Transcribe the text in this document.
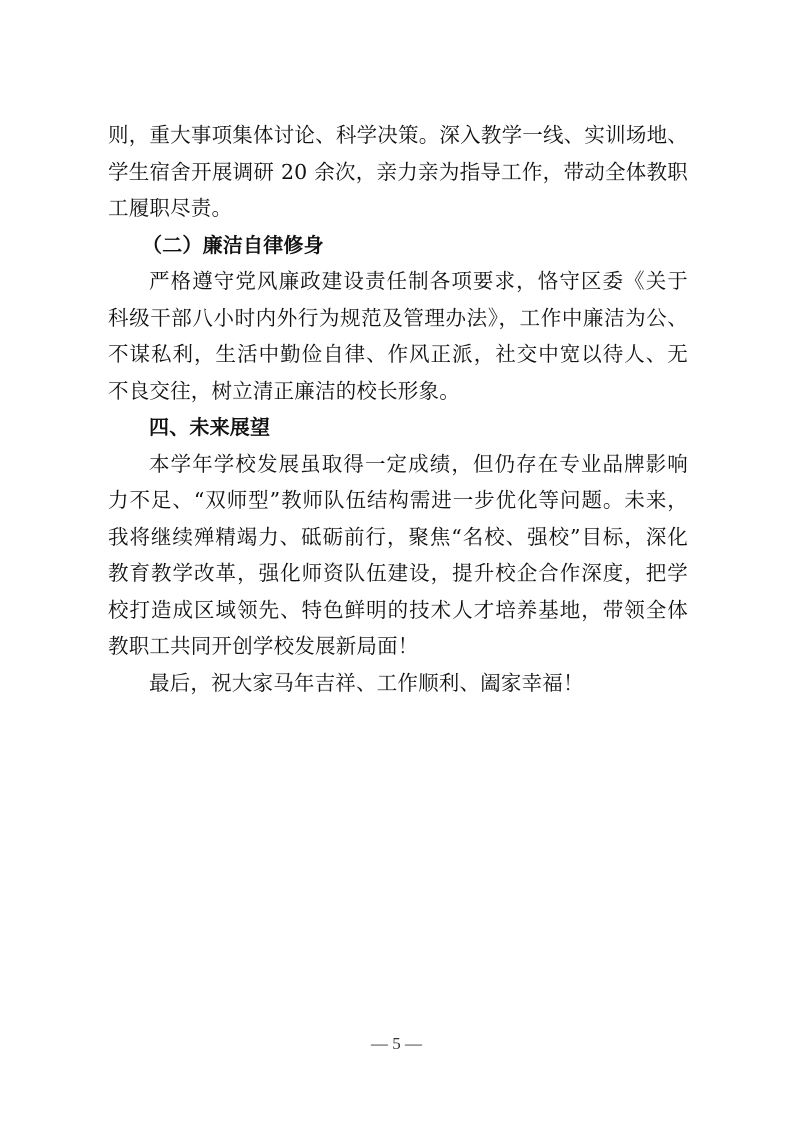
则，重大事项集体讨论、科学决策。深入教学一线、实训场地、
学生宿舍开展调研 20 余次，亲力亲为指导工作，带动全体教职
工履职尽责。
（二）廉洁自律修身
严格遵守党风廉政建设责任制各项要求，恪守区委《关于
科级干部八小时内外行为规范及管理办法》，工作中廉洁为公、
不谋私利，生活中勤俭自律、作风正派，社交中宽以待人、无
不良交往，树立清正廉洁的校长形象。
四、未来展望
本学年学校发展虽取得一定成绩，但仍存在专业品牌影响
力不足、“双师型”教师队伍结构需进一步优化等问题。未来，
我将继续殚精竭力、砥砺前行，聚焦“名校、强校”目标，深化
教育教学改革，强化师资队伍建设，提升校企合作深度，把学
校打造成区域领先、特色鲜明的技术人才培养基地，带领全体
教职工共同开创学校发展新局面！
最后，祝大家马年吉祥、工作顺利、阖家幸福！
— 5 —
